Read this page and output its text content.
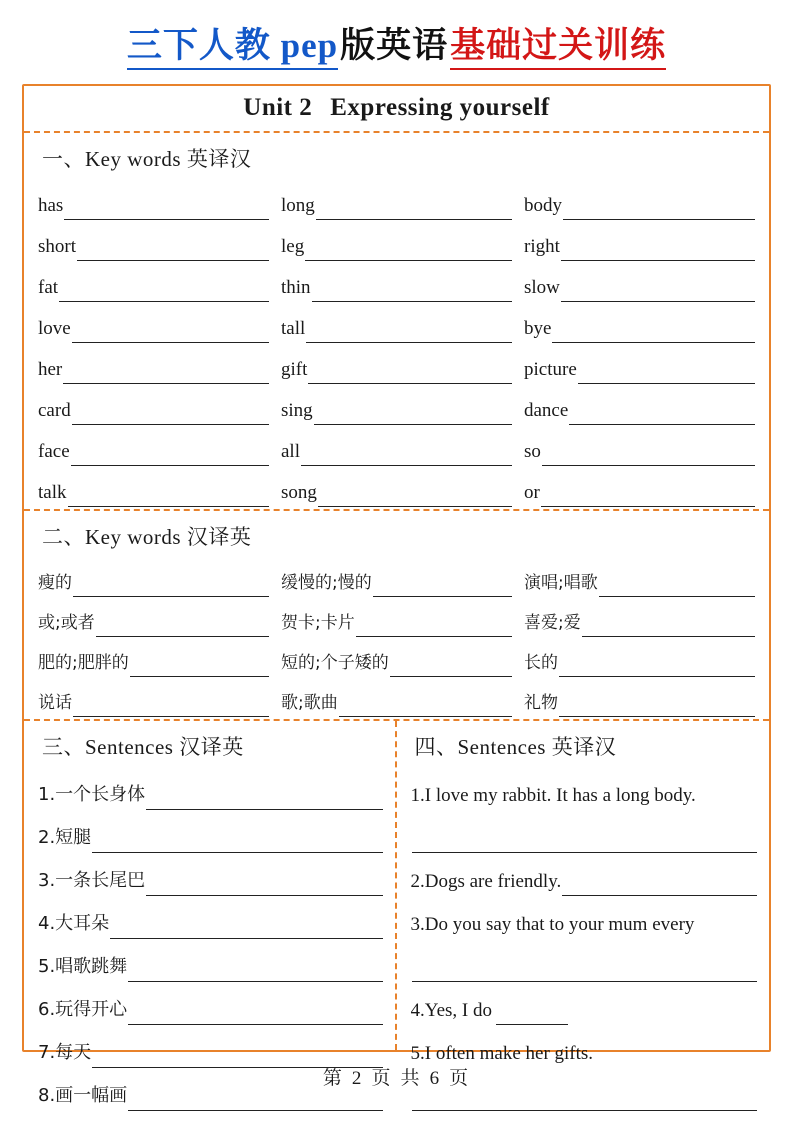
三下人教 pep 版英语 基础过关训练
Unit 2 Expressing yourself
一、Key words 英译汉
has	long	body
short	leg	right
fat	thin	slow
love	tall	bye
her	gift	picture
card	sing	dance
face	all	so
talk	song	or
二、Key words 汉译英
瘦的	缓慢的;慢的	演唱;唱歌
或;或者	贺卡;卡片	喜爱;爱
肥的;肥胖的	短的;个子矮的	长的
说话	歌;歌曲	礼物
三、Sentences 汉译英
1.一个长身体
2.短腿
3.一条长尾巴
4.大耳朵
5.唱歌跳舞
6.玩得开心
7.每天
8.画一幅画
四、Sentences 英译汉
1.I love my rabbit. It has a long body.
2.Dogs are friendly.
3.Do you say that to your mum every
4.Yes, I do
5.I often make her gifts.
第 2 页 共 6 页
